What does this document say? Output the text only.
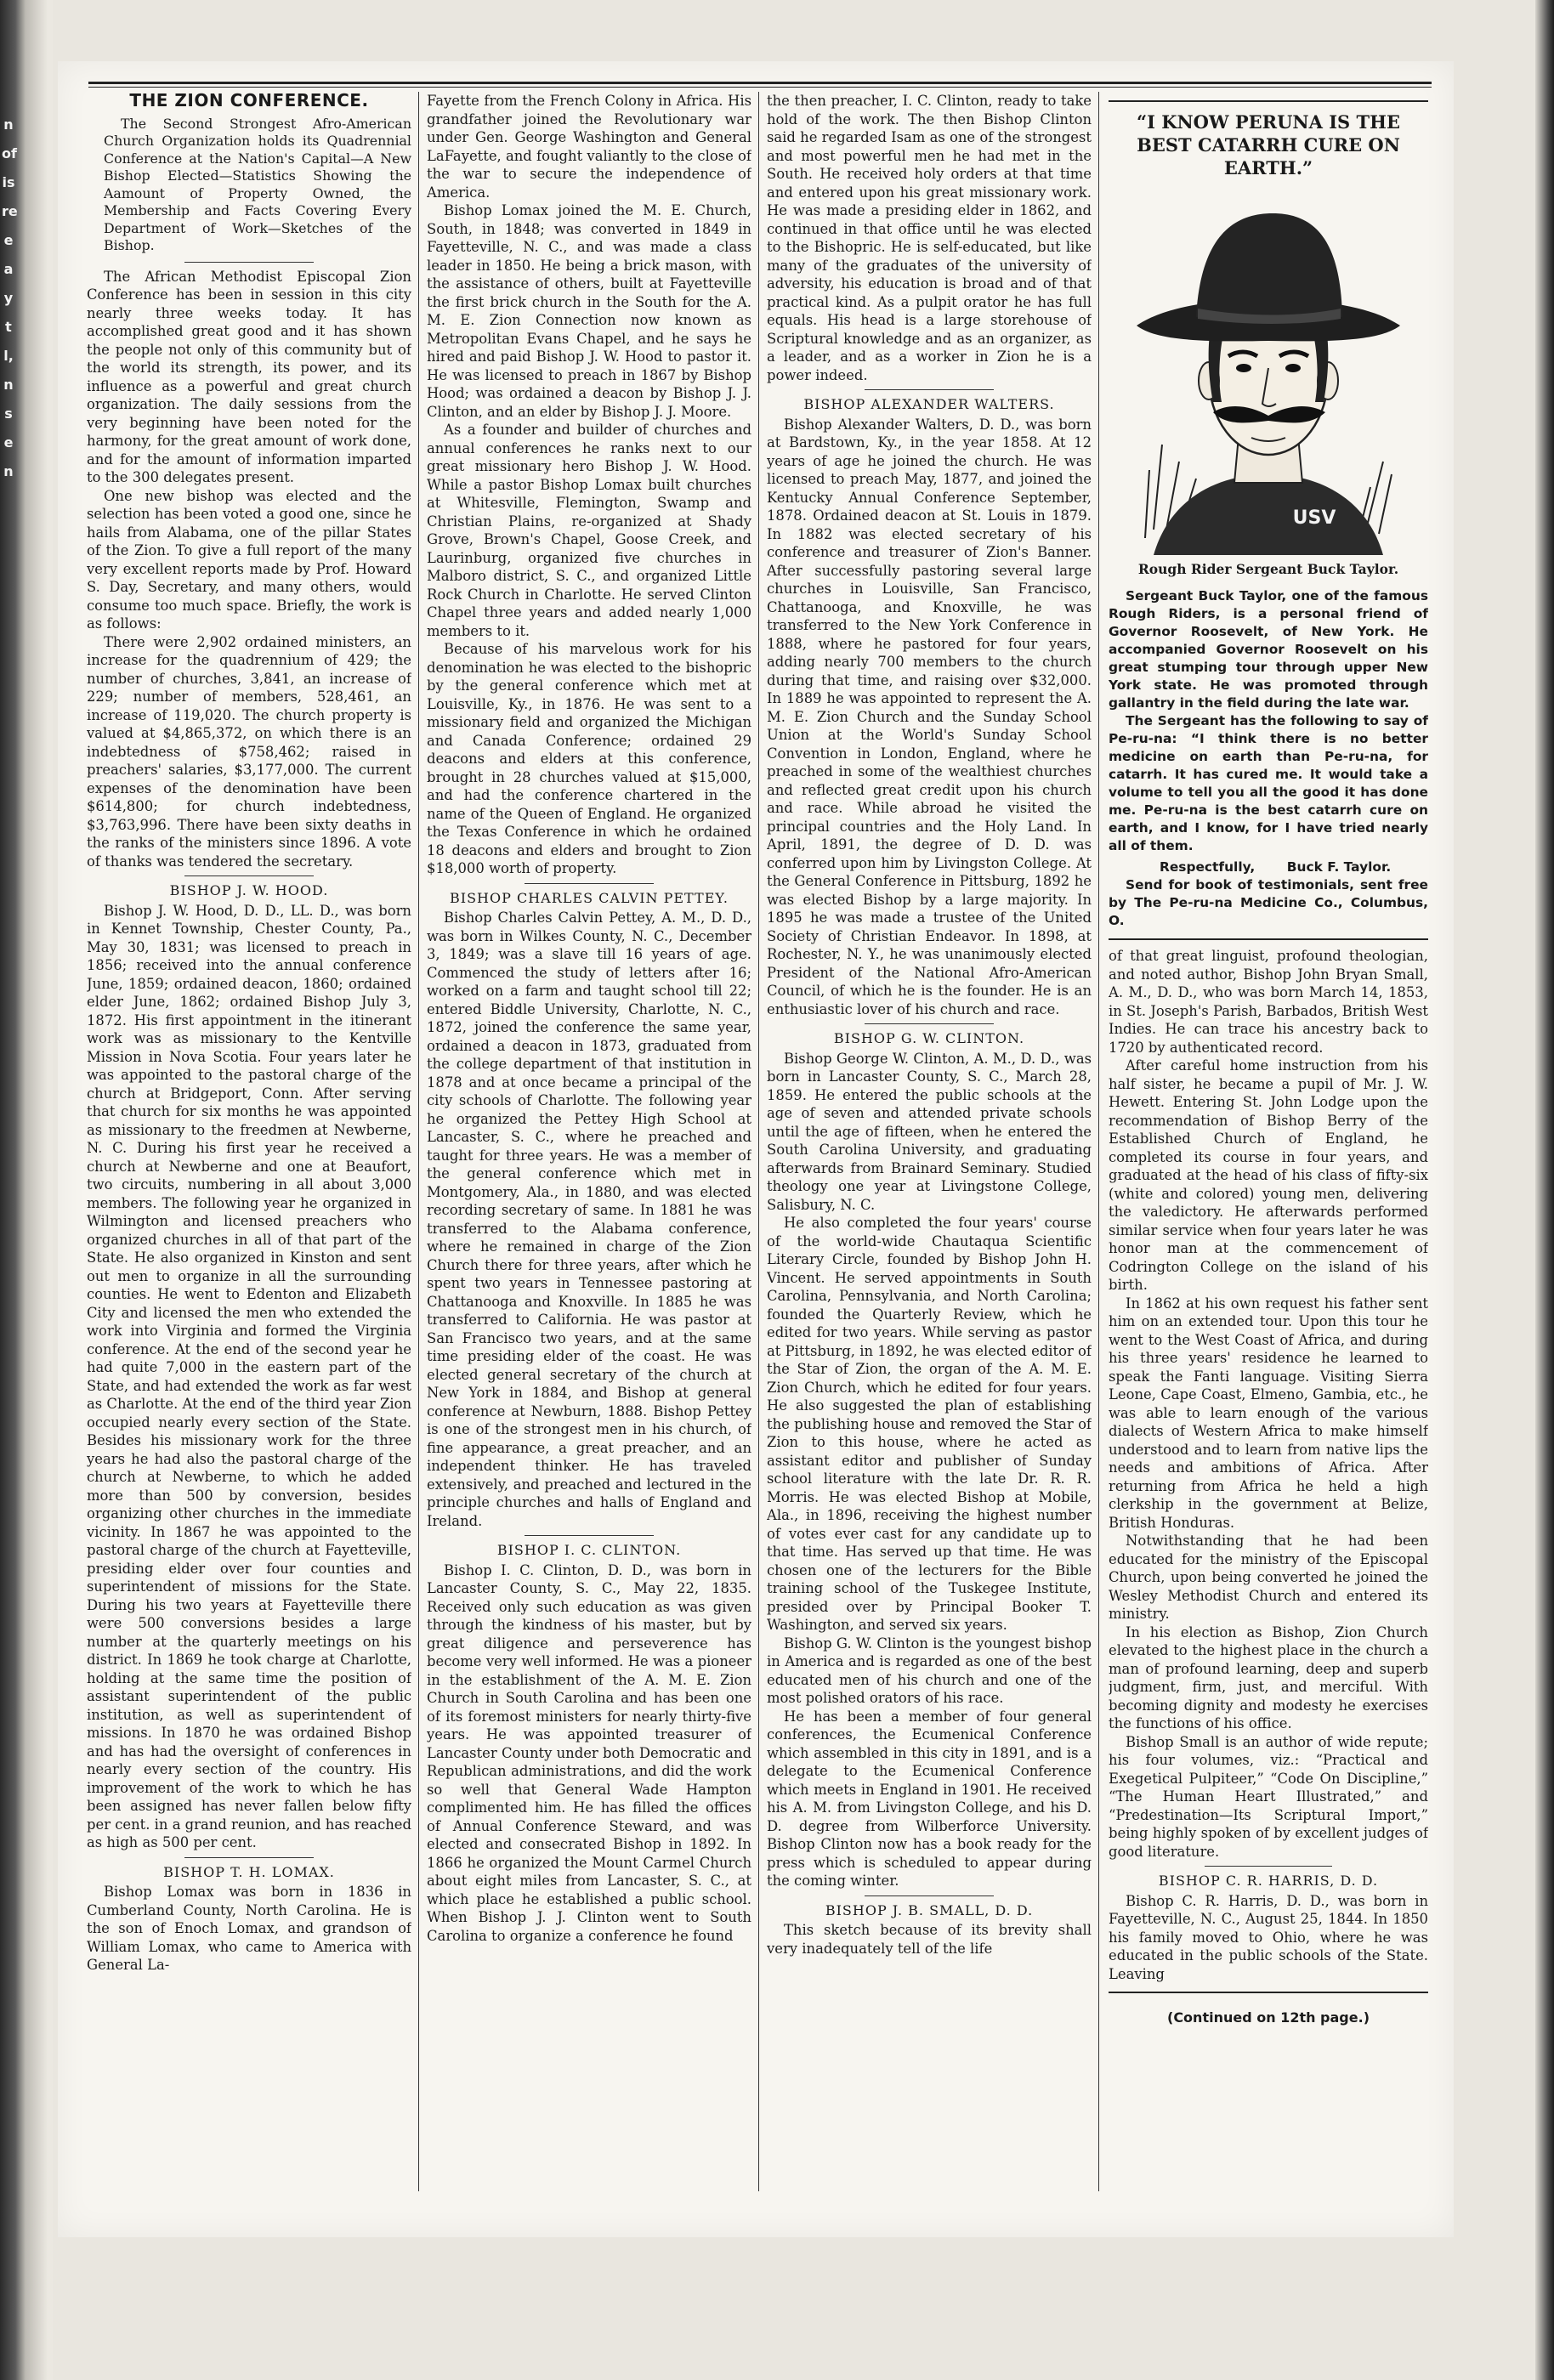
n
of
is
re
e
a
y
t
l,
n
s
e
n
THE ZION CONFERENCE.

The Second Strongest Afro-American Church Organization holds its Quadrennial Conference at the Nation's Capital—A New Bishop Elected—Statistics Showing the Aamount of Property Owned, the Membership and Facts Covering Every Department of Work—Sketches of the Bishop.

The African Methodist Episcopal Zion Conference has been in session in this city nearly three weeks today. It has accomplished great good and it has shown the people not only of this community but of the world its strength, its power, and its influence as a powerful and great church organization. The daily sessions from the very beginning have been noted for the harmony, for the great amount of work done, and for the amount of information imparted to the 300 delegates present.

One new bishop was elected and the selection has been voted a good one, since he hails from Alabama, one of the pillar States of the Zion. To give a full report of the many very excellent reports made by Prof. Howard S. Day, Secretary, and many others, would consume too much space. Briefly, the work is as follows:

There were 2,902 ordained ministers, an increase for the quadrennium of 429; the number of churches, 3,841, an increase of 229; number of members, 528,461, an increase of 119,020. The church property is valued at $4,865,372, on which there is an indebtedness of $758,462; raised in preachers' salaries, $3,177,000. The current expenses of the denomination have been $614,800; for church indebtedness, $3,763,996. There have been sixty deaths in the ranks of the ministers since 1896. A vote of thanks was tendered the secretary.

BISHOP J. W. HOOD.

Bishop J. W. Hood, D. D., LL. D., was born in Kennet Township, Chester County, Pa., May 30, 1831; was licensed to preach in 1856; received into the annual conference June, 1859; ordained deacon, 1860; ordained elder June, 1862; ordained Bishop July 3, 1872. His first appointment in the itinerant work was as missionary to the Kentville Mission in Nova Scotia. Four years later he was appointed to the pastoral charge of the church at Bridgeport, Conn. After serving that church for six months he was appointed as missionary to the freedmen at Newberne, N. C. During his first year he received a church at Newberne and one at Beaufort, two circuits, numbering in all about 3,000 members. The following year he organized in Wilmington and licensed preachers who organized churches in all of that part of the State. He also organized in Kinston and sent out men to organize in all the surrounding counties. He went to Edenton and Elizabeth City and licensed the men who extended the work into Virginia and formed the Virginia conference. At the end of the second year he had quite 7,000 in the eastern part of the State, and had extended the work as far west as Charlotte. At the end of the third year Zion occupied nearly every section of the State. Besides his missionary work for the three years he had also the pastoral charge of the church at Newberne, to which he added more than 500 by conversion, besides organizing other churches in the immediate vicinity. In 1867 he was appointed to the pastoral charge of the church at Fayetteville, presiding elder over four counties and superintendent of missions for the State. During his two years at Fayetteville there were 500 conversions besides a large number at the quarterly meetings on his district. In 1869 he took charge at Charlotte, holding at the same time the position of assistant superintendent of the public institution, as well as superintendent of missions. In 1870 he was ordained Bishop and has had the oversight of conferences in nearly every section of the country. His improvement of the work to which he has been assigned has never fallen below fifty per cent. in a grand reunion, and has reached as high as 500 per cent.

BISHOP T. H. LOMAX.

Bishop Lomax was born in 1836 in Cumberland County, North Carolina. He is the son of Enoch Lomax, and grandson of William Lomax, who came to America with General La-

Fayette from the French Colony in Africa. His grandfather joined the Revolutionary war under Gen. George Washington and General LaFayette, and fought valiantly to the close of the war to secure the independence of America.

Bishop Lomax joined the M. E. Church, South, in 1848; was converted in 1849 in Fayetteville, N. C., and was made a class leader in 1850. He being a brick mason, with the assistance of others, built at Fayetteville the first brick church in the South for the A. M. E. Zion Connection now known as Metropolitan Evans Chapel, and he says he hired and paid Bishop J. W. Hood to pastor it. He was licensed to preach in 1867 by Bishop Hood; was ordained a deacon by Bishop J. J. Clinton, and an elder by Bishop J. J. Moore.

As a founder and builder of churches and annual conferences he ranks next to our great missionary hero Bishop J. W. Hood. While a pastor Bishop Lomax built churches at Whitesville, Flemington, Swamp and Christian Plains, re-organized at Shady Grove, Brown's Chapel, Goose Creek, and Laurinburg, organized five churches in Malboro district, S. C., and organized Little Rock Church in Charlotte. He served Clinton Chapel three years and added nearly 1,000 members to it.

Because of his marvelous work for his denomination he was elected to the bishopric by the general conference which met at Louisville, Ky., in 1876. He was sent to a missionary field and organized the Michigan and Canada Conference; ordained 29 deacons and elders at this conference, brought in 28 churches valued at $15,000, and had the conference chartered in the name of the Queen of England. He organized the Texas Conference in which he ordained 18 deacons and elders and brought to Zion $18,000 worth of property.

BISHOP CHARLES CALVIN PETTEY.

Bishop Charles Calvin Pettey, A. M., D. D., was born in Wilkes County, N. C., December 3, 1849; was a slave till 16 years of age. Commenced the study of letters after 16; worked on a farm and taught school till 22; entered Biddle University, Charlotte, N. C., 1872, joined the conference the same year, ordained a deacon in 1873, graduated from the college department of that institution in 1878 and at once became a principal of the city schools of Charlotte. The following year he organized the Pettey High School at Lancaster, S. C., where he preached and taught for three years. He was a member of the general conference which met in Montgomery, Ala., in 1880, and was elected recording secretary of same. In 1881 he was transferred to the Alabama conference, where he remained in charge of the Zion Church there for three years, after which he spent two years in Tennessee pastoring at Chattanooga and Knoxville. In 1885 he was transferred to California. He was pastor at San Francisco two years, and at the same time presiding elder of the coast. He was elected general secretary of the church at New York in 1884, and Bishop at general conference at Newburn, 1888. Bishop Pettey is one of the strongest men in his church, of fine appearance, a great preacher, and an independent thinker. He has traveled extensively, and preached and lectured in the principle churches and halls of England and Ireland.

BISHOP I. C. CLINTON.

Bishop I. C. Clinton, D. D., was born in Lancaster County, S. C., May 22, 1835. Received only such education as was given through the kindness of his master, but by great diligence and perseverence has become very well informed. He was a pioneer in the establishment of the A. M. E. Zion Church in South Carolina and has been one of its foremost ministers for nearly thirty-five years. He was appointed treasurer of Lancaster County under both Democratic and Republican administrations, and did the work so well that General Wade Hampton complimented him. He has filled the offices of Annual Conference Steward, and was elected and consecrated Bishop in 1892. In 1866 he organized the Mount Carmel Church about eight miles from Lancaster, S. C., at which place he established a public school. When Bishop J. J. Clinton went to South Carolina to organize a conference he found

the then preacher, I. C. Clinton, ready to take hold of the work. The then Bishop Clinton said he regarded Isam as one of the strongest and most powerful men he had met in the South. He received holy orders at that time and entered upon his great missionary work. He was made a presiding elder in 1862, and continued in that office until he was elected to the Bishopric. He is self-educated, but like many of the graduates of the university of adversity, his education is broad and of that practical kind. As a pulpit orator he has full equals. His head is a large storehouse of Scriptural knowledge and as an organizer, as a leader, and as a worker in Zion he is a power indeed.

BISHOP ALEXANDER WALTERS.

Bishop Alexander Walters, D. D., was born at Bardstown, Ky., in the year 1858. At 12 years of age he joined the church. He was licensed to preach May, 1877, and joined the Kentucky Annual Conference September, 1878. Ordained deacon at St. Louis in 1879. In 1882 was elected secretary of his conference and treasurer of Zion's Banner. After successfully pastoring several large churches in Louisville, San Francisco, Chattanooga, and Knoxville, he was transferred to the New York Conference in 1888, where he pastored for four years, adding nearly 700 members to the church during that time, and raising over $32,000. In 1889 he was appointed to represent the A. M. E. Zion Church and the Sunday School Union at the World's Sunday School Convention in London, England, where he preached in some of the wealthiest churches and reflected great credit upon his church and race. While abroad he visited the principal countries and the Holy Land. In April, 1891, the degree of D. D. was conferred upon him by Livingston College. At the General Conference in Pittsburg, 1892 he was elected Bishop by a large majority. In 1895 he was made a trustee of the United Society of Christian Endeavor. In 1898, at Rochester, N. Y., he was unanimously elected President of the National Afro-American Council, of which he is the founder. He is an enthusiastic lover of his church and race.

BISHOP G. W. CLINTON.

Bishop George W. Clinton, A. M., D. D., was born in Lancaster County, S. C., March 28, 1859. He entered the public schools at the age of seven and attended private schools until the age of fifteen, when he entered the South Carolina University, and graduating afterwards from Brainard Seminary. Studied theology one year at Livingstone College, Salisbury, N. C.

He also completed the four years' course of the world-wide Chautaqua Scientific Literary Circle, founded by Bishop John H. Vincent. He served appointments in South Carolina, Pennsylvania, and North Carolina; founded the Quarterly Review, which he edited for two years. While serving as pastor at Pittsburg, in 1892, he was elected editor of the Star of Zion, the organ of the A. M. E. Zion Church, which he edited for four years. He also suggested the plan of establishing the publishing house and removed the Star of Zion to this house, where he acted as assistant editor and publisher of Sunday school literature with the late Dr. R. R. Morris. He was elected Bishop at Mobile, Ala., in 1896, receiving the highest number of votes ever cast for any candidate up to that time. Has served up that time. He was chosen one of the lecturers for the Bible training school of the Tuskegee Institute, presided over by Principal Booker T. Washington, and served six years.

Bishop G. W. Clinton is the youngest bishop in America and is regarded as one of the best educated men of his church and one of the most polished orators of his race.

He has been a member of four general conferences, the Ecumenical Conference which assembled in this city in 1891, and is a delegate to the Ecumenical Conference which meets in England in 1901. He received his A. M. from Livingston College, and his D. D. degree from Wilberforce University. Bishop Clinton now has a book ready for the press which is scheduled to appear during the coming winter.

BISHOP J. B. SMALL, D. D.

This sketch because of its brevity shall very inadequately tell of the life

“I KNOW PERUNA IS THE BEST CATARRH CURE ON EARTH.”
USV
Rough Rider Sergeant Buck Taylor.

Sergeant Buck Taylor, one of the famous Rough Riders, is a personal friend of Governor Roosevelt, of New York. He accompanied Governor Roosevelt on his great stumping tour through upper New York state. He was promoted through gallantry in the field during the late war.

The Sergeant has the following to say of Pe-ru-na: “I think there is no better medicine on earth than Pe-ru-na, for catarrh. It has cured me. It would take a volume to tell you all the good it has done me. Pe-ru-na is the best catarrh cure on earth, and I know, for I have tried nearly all of them.

Respectfully, Buck F. Taylor.

Send for book of testimonials, sent free by The Pe-ru-na Medicine Co., Columbus, O.

of that great linguist, profound theologian, and noted author, Bishop John Bryan Small, A. M., D. D., who was born March 14, 1853, in St. Joseph's Parish, Barbados, British West Indies. He can trace his ancestry back to 1720 by authenticated record.

After careful home instruction from his half sister, he became a pupil of Mr. J. W. Hewett. Entering St. John Lodge upon the recommendation of Bishop Berry of the Established Church of England, he completed its course in four years, and graduated at the head of his class of fifty-six (white and colored) young men, delivering the valedictory. He afterwards performed similar service when four years later he was honor man at the commencement of Codrington College on the island of his birth.

In 1862 at his own request his father sent him on an extended tour. Upon this tour he went to the West Coast of Africa, and during his three years' residence he learned to speak the Fanti language. Visiting Sierra Leone, Cape Coast, Elmeno, Gambia, etc., he was able to learn enough of the various dialects of Western Africa to make himself understood and to learn from native lips the needs and ambitions of Africa. After returning from Africa he held a high clerkship in the government at Belize, British Honduras.

Notwithstanding that he had been educated for the ministry of the Episcopal Church, upon being converted he joined the Wesley Methodist Church and entered its ministry.

In his election as Bishop, Zion Church elevated to the highest place in the church a man of profound learning, deep and superb judgment, firm, just, and merciful. With becoming dignity and modesty he exercises the functions of his office.

Bishop Small is an author of wide repute; his four volumes, viz.: “Practical and Exegetical Pulpiteer,” “Code On Discipline,” “The Human Heart Illustrated,” and “Predestination—Its Scriptural Import,” being highly spoken of by excellent judges of good literature.

BISHOP C. R. HARRIS, D. D.

Bishop C. R. Harris, D. D., was born in Fayetteville, N. C., August 25, 1844. In 1850 his family moved to Ohio, where he was educated in the public schools of the State. Leaving

(Continued on 12th page.)
